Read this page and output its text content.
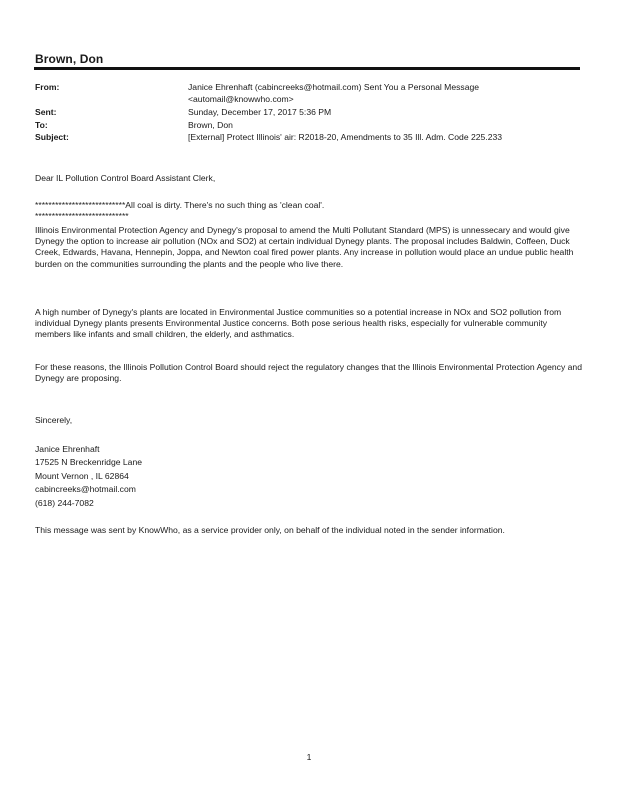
Brown, Don
From:	Janice Ehrenhaft (cabincreeks@hotmail.com) Sent You a Personal Message
<automail@knowwho.com>
Sent:	Sunday, December 17, 2017 5:36 PM
To:	Brown, Don
Subject:	[External] Protect Illinois' air: R2018-20, Amendments to 35 Ill. Adm. Code 225.233
Dear IL Pollution Control Board Assistant Clerk,

***************************All coal is dirty. There's no such thing as 'clean coal'.

****************************

Illinois Environmental Protection Agency and Dynegy's proposal to amend the Multi Pollutant Standard (MPS) is unnessecary and would give Dynegy the option to increase air pollution (NOx and SO2) at certain individual Dynegy plants. The proposal includes Baldwin, Coffeen, Duck Creek, Edwards, Havana, Hennepin, Joppa, and Newton coal fired power plants. Any increase in pollution would place an undue public health burden on the communities surrounding the plants and the people who live there.
A high number of Dynegy's plants are located in Environmental Justice communities so a potential increase in NOx and SO2 pollution from individual Dynegy plants presents Environmental Justice concerns. Both pose serious health risks, especially for vulnerable community members like infants and small children, the elderly, and asthmatics.
For these reasons, the Illinois Pollution Control Board should reject the regulatory changes that the Illinois Environmental Protection Agency and Dynegy are proposing.
Sincerely,

Janice Ehrenhaft

17525 N Breckenridge Lane

Mount Vernon , IL 62864

cabincreeks@hotmail.com

(618) 244-7082

This message was sent by KnowWho, as a service provider only, on behalf of the individual noted in the sender information.
1
